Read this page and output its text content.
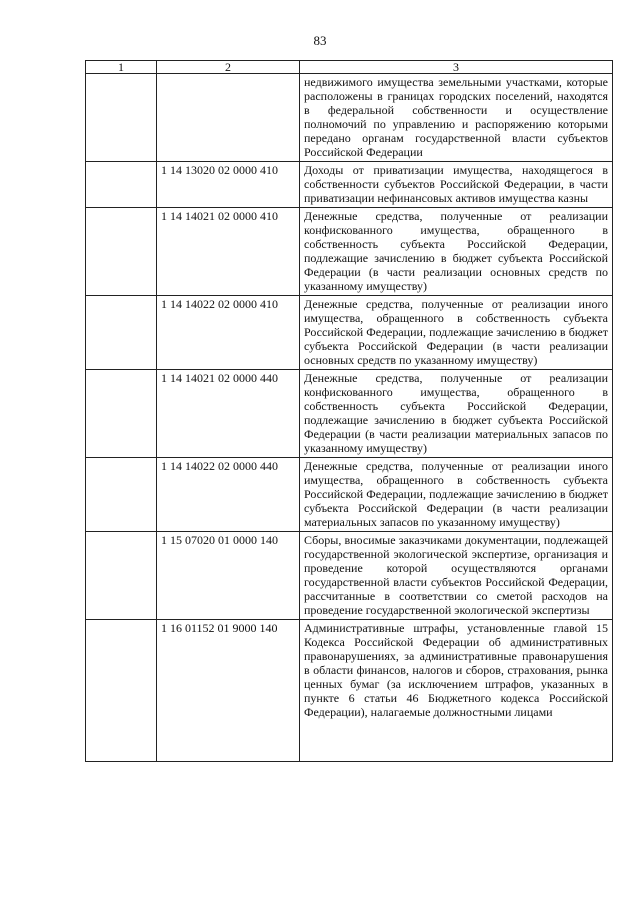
83
1	2	3
		недвижимого имущества земельными участками, которые расположены в границах городских поселений, находятся в федеральной собственности и осуществление полномочий по управлению и распоряжению которыми передано органам государственной власти субъектов Российской Федерации
	1 14 13020 02 0000 410	Доходы от приватизации имущества, находящегося в собственности субъектов Российской Федерации, в части приватизации нефинансовых активов имущества казны
	1 14 14021 02 0000 410	Денежные средства, полученные от реализации конфискованного имущества, обращенного в собственность субъекта Российской Федерации, подлежащие зачислению в бюджет субъекта Российской Федерации (в части реализации основных средств по указанному имуществу)
	1 14 14022 02 0000 410	Денежные средства, полученные от реализации иного имущества, обращенного в собственность субъекта Российской Федерации, подлежащие зачислению в бюджет субъекта Российской Федерации (в части реализации основных средств по указанному имуществу)
	1 14 14021 02 0000 440	Денежные средства, полученные от реализации конфискованного имущества, обращенного в собственность субъекта Российской Федерации, подлежащие зачислению в бюджет субъекта Российской Федерации (в части реализации материальных запасов по указанному имуществу)
	1 14 14022 02 0000 440	Денежные средства, полученные от реализации иного имущества, обращенного в собственность субъекта Российской Федерации, подлежащие зачислению в бюджет субъекта Российской Федерации (в части реализации материальных запасов по указанному имуществу)
	1 15 07020 01 0000 140	Сборы, вносимые заказчиками документации, подлежащей государственной экологической экспертизе, организация и проведение которой осуществляются органами государственной власти субъектов Российской Федерации, рассчитанные в соответствии со сметой расходов на проведение государственной экологической экспертизы
	1 16 01152 01 9000 140	Административные штрафы, установленные главой 15 Кодекса Российской Федерации об административных правонарушениях, за административные правонарушения в области финансов, налогов и сборов, страхования, рынка ценных бумаг (за исключением штрафов, указанных в пункте 6 статьи 46 Бюджетного кодекса Российской Федерации), налагаемые должностными лицами
